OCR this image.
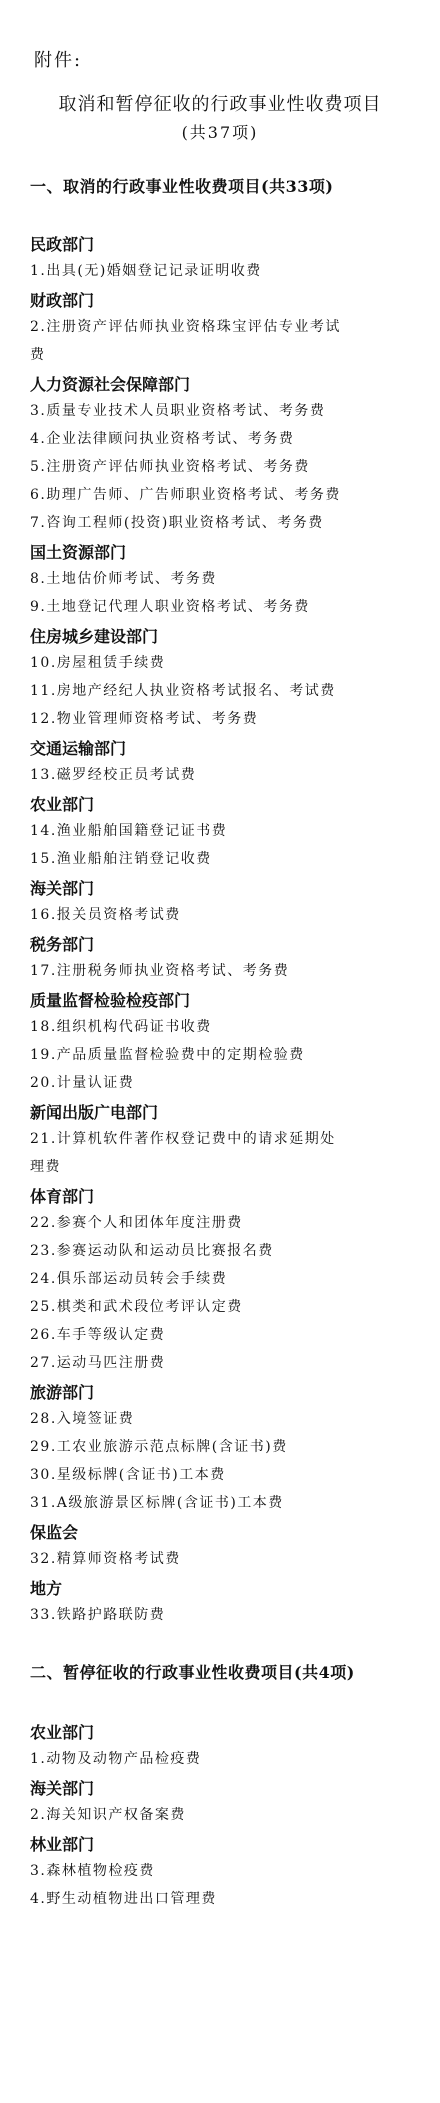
附件:
取消和暂停征收的行政事业性收费项目
(共37项)
一、取消的行政事业性收费项目(共33项)
民政部门
1.出具(无)婚姻登记记录证明收费
财政部门
2.注册资产评估师执业资格珠宝评估专业考试
费
人力资源社会保障部门
3.质量专业技术人员职业资格考试、考务费
4.企业法律顾问执业资格考试、考务费
5.注册资产评估师执业资格考试、考务费
6.助理广告师、广告师职业资格考试、考务费
7.咨询工程师(投资)职业资格考试、考务费
国土资源部门
8.土地估价师考试、考务费
9.土地登记代理人职业资格考试、考务费
住房城乡建设部门
10.房屋租赁手续费
11.房地产经纪人执业资格考试报名、考试费
12.物业管理师资格考试、考务费
交通运输部门
13.磁罗经校正员考试费
农业部门
14.渔业船舶国籍登记证书费
15.渔业船舶注销登记收费
海关部门
16.报关员资格考试费
税务部门
17.注册税务师执业资格考试、考务费
质量监督检验检疫部门
18.组织机构代码证书收费
19.产品质量监督检验费中的定期检验费
20.计量认证费
新闻出版广电部门
21.计算机软件著作权登记费中的请求延期处
理费
体育部门
22.参赛个人和团体年度注册费
23.参赛运动队和运动员比赛报名费
24.俱乐部运动员转会手续费
25.棋类和武术段位考评认定费
26.车手等级认定费
27.运动马匹注册费
旅游部门
28.入境签证费
29.工农业旅游示范点标牌(含证书)费
30.星级标牌(含证书)工本费
31.A级旅游景区标牌(含证书)工本费
保监会
32.精算师资格考试费
地方
33.铁路护路联防费
二、暂停征收的行政事业性收费项目(共4项)
农业部门
1.动物及动物产品检疫费
海关部门
2.海关知识产权备案费
林业部门
3.森林植物检疫费
4.野生动植物进出口管理费
